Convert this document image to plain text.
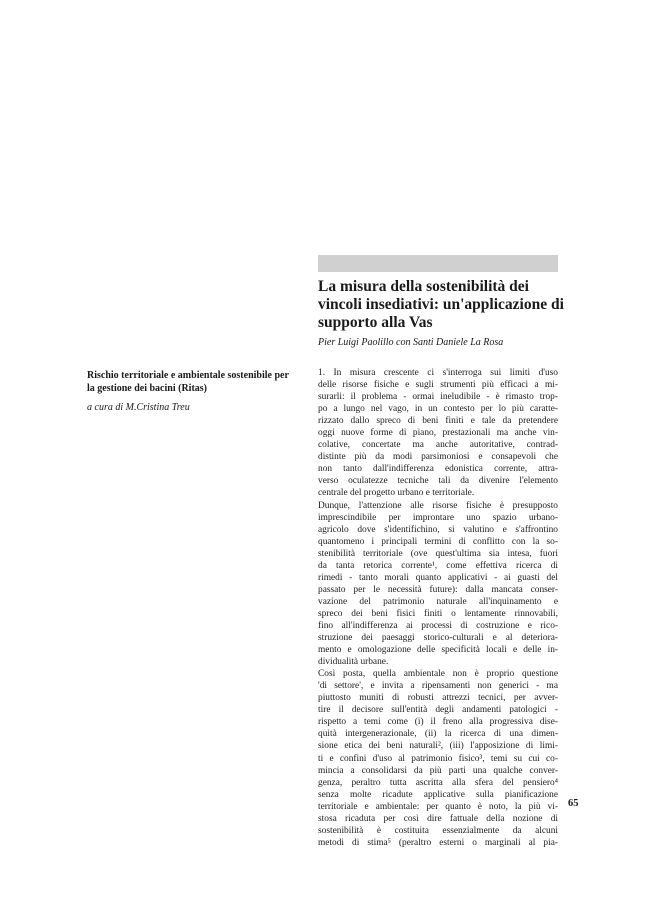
La misura della sostenibilità dei
vincoli insediativi: un'applicazione di
supporto alla Vas

Pier Luigi Paolillo con Santi Daniele La Rosa

Rischio territoriale e ambientale sostenibile per
la gestione dei bacini (Ritas)

a cura di M.Cristina Treu

1. In misura crescente ci s'interroga sui limiti d'uso
delle risorse fisiche e sugli strumenti più efficaci a mi-
surarli: il problema - ormai ineludibile - è rimasto trop-
po a lungo nel vago, in un contesto per lo più caratte-
rizzato dallo spreco di beni finiti e tale da pretendere
oggi nuove forme di piano, prestazionali ma anche vin-
colative, concertate ma anche autoritative, contrad-
distinte più da modi parsimoniosi e consapevoli che
non tanto dall'indifferenza edonistica corrente, attra-
verso oculatezze tecniche tali da divenire l'elemento
centrale del progetto urbano e territoriale.
Dunque, l'attenzione alle risorse fisiche è presupposto
imprescindibile per improntare uno spazio urbano-
agricolo dove s'identifichino, si valutino e s'affrontino
quantomeno i principali termini di conflitto con la so-
stenibilità territoriale (ove quest'ultima sia intesa, fuori
da tanta retorica corrente¹, come effettiva ricerca di
rimedi - tanto morali quanto applicativi - ai guasti del
passato per le necessità future): dalla mancata conser-
vazione del patrimonio naturale all'inquinamento e
spreco dei beni fisici finiti o lentamente rinnovabili,
fino all'indifferenza ai processi di costruzione e rico-
struzione dei paesaggi storico-culturali e al deteriora-
mento e omologazione delle specificità locali e delle in-
dividualità urbane.
Così posta, quella ambientale non è proprio questione
'di settore', e invita a ripensamenti non generici - ma
piuttosto muniti di robusti attrezzi tecnici, per avver-
tire il decisore sull'entità degli andamenti patologici -
rispetto a temi come (i) il freno alla progressiva dise-
quità intergenerazionale, (ii) la ricerca di una dimen-
sione etica dei beni naturali², (iii) l'apposizione di limi-
ti e confini d'uso al patrimonio fisico³, temi su cui co-
mincia a consolidarsi da più parti una qualche conver-
genza, peraltro tutta ascritta alla sfera del pensiero⁴
senza molte ricadute applicative sulla pianificazione
territoriale e ambientale: per quanto è noto, la più vi-
stosa ricaduta per così dire fattuale della nozione di
sostenibilità è costituita essenzialmente da alcuni
metodi di stima⁵ (peraltro esterni o marginali al pia-

65
